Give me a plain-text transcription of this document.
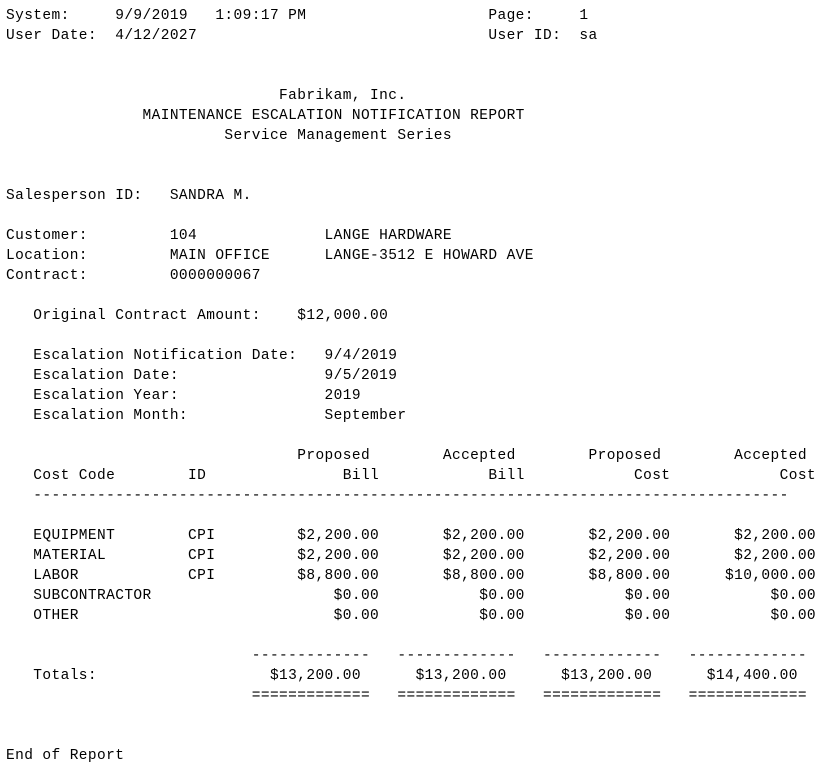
System:     9/9/2019   1:09:17 PM                    Page:     1
User Date:  4/12/2027                                User ID:  sa
Fabrikam, Inc.
MAINTENANCE ESCALATION NOTIFICATION REPORT
Service Management Series
Salesperson ID:   SANDRA M.
Customer:         104              LANGE HARDWARE
Location:         MAIN OFFICE      LANGE-3512 E HOWARD AVE
Contract:         0000000067
Original Contract Amount:    $12,000.00
Escalation Notification Date:   9/4/2019
Escalation Date:                9/5/2019
Escalation Year:                2019
Escalation Month:               September
Proposed        Accepted        Proposed        Accepted
Cost Code        ID               Bill            Bill            Cost            Cost
-----------------------------------------------------------------------------------
EQUIPMENT        CPI         $2,200.00       $2,200.00       $2,200.00       $2,200.00
MATERIAL         CPI         $2,200.00       $2,200.00       $2,200.00       $2,200.00
LABOR            CPI         $8,800.00       $8,800.00       $8,800.00      $10,000.00
SUBCONTRACTOR                    $0.00           $0.00           $0.00           $0.00
OTHER                            $0.00           $0.00           $0.00           $0.00
-------------   -------------   -------------   -------------
Totals:                   $13,200.00      $13,200.00      $13,200.00      $14,400.00
=============   =============   =============   =============
End of Report
